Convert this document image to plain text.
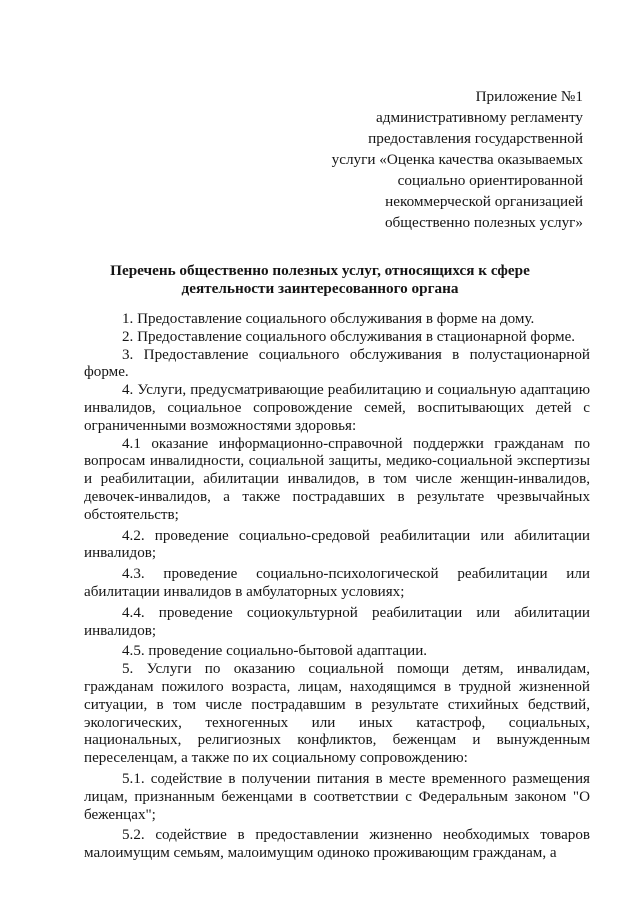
Приложение №1
административному регламенту
предоставления государственной
услуги «Оценка качества оказываемых
социально ориентированной
некоммерческой организацией
общественно полезных услуг»
Перечень общественно полезных услуг, относящихся к сфере
деятельности заинтересованного органа

1. Предоставление социального обслуживания в форме на дому.

2. Предоставление социального обслуживания в стационарной форме.

3. Предоставление социального обслуживания в полустационарной форме.

4. Услуги, предусматривающие реабилитацию и социальную адаптацию инвалидов, социальное сопровождение семей, воспитывающих детей с ограниченными возможностями здоровья:

4.1 оказание информационно-справочной поддержки гражданам по вопросам инвалидности, социальной защиты, медико-социальной экспертизы и реабилитации, абилитации инвалидов, в том числе женщин-инвалидов, девочек-инвалидов, а также пострадавших в результате чрезвычайных обстоятельств;

4.2. проведение социально-средовой реабилитации или абилитации инвалидов;

4.3. проведение социально-психологической реабилитации или абилитации инвалидов в амбулаторных условиях;

4.4. проведение социокультурной реабилитации или абилитации инвалидов;

4.5. проведение социально-бытовой адаптации.

5. Услуги по оказанию социальной помощи детям, инвалидам, гражданам пожилого возраста, лицам, находящимся в трудной жизненной ситуации, в том числе пострадавшим в результате стихийных бедствий, экологических, техногенных или иных катастроф, социальных, национальных, религиозных конфликтов, беженцам и вынужденным переселенцам, а также по их социальному сопровождению:

5.1. содействие в получении питания в месте временного размещения лицам, признанным беженцами в соответствии с Федеральным законом "О беженцах";

5.2. содействие в предоставлении жизненно необходимых товаров малоимущим семьям, малоимущим одиноко проживающим гражданам, а
